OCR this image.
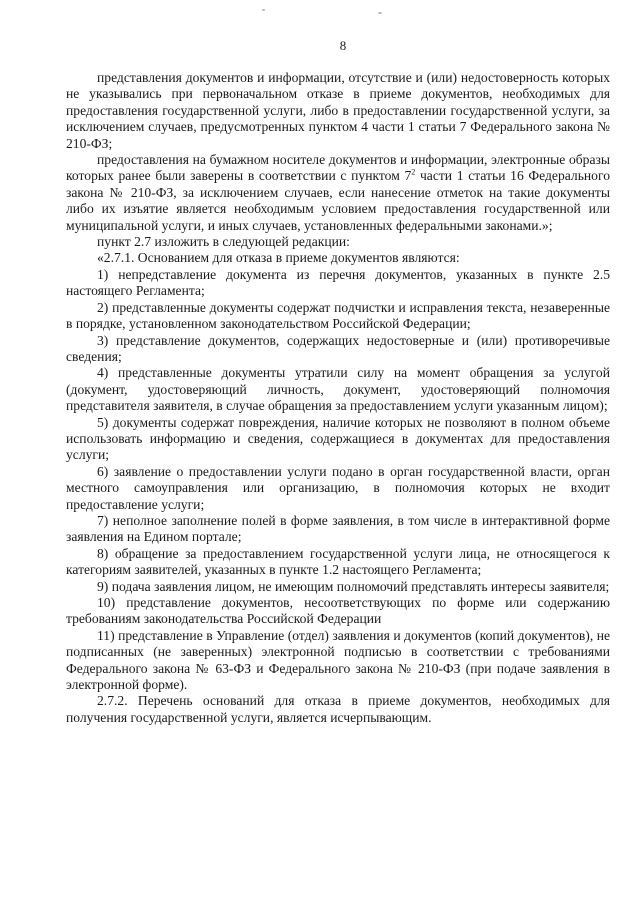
8

представления документов и информации, отсутствие и (или) недостоверность которых не указывались при первоначальном отказе в приеме документов, необходимых для предоставления государственной услуги, либо в предоставлении государственной услуги, за исключением случаев, предусмотренных пунктом 4 части 1 статьи 7 Федерального закона № 210-ФЗ;

предоставления на бумажном носителе документов и информации, электронные образы которых ранее были заверены в соответствии с пунктом $7^2$ части 1 статьи 16 Федерального закона № 210-ФЗ, за исключением случаев, если нанесение отметок на такие документы либо их изъятие является необходимым условием предоставления государственной или муниципальной услуги, и иных случаев, установленных федеральными законами.»;

пункт 2.7 изложить в следующей редакции:

«2.7.1. Основанием для отказа в приеме документов являются:

1) непредставление документа из перечня документов, указанных в пункте 2.5 настоящего Регламента;

2) представленные документы содержат подчистки и исправления текста, незаверенные в порядке, установленном законодательством Российской Федерации;

3) представление документов, содержащих недостоверные и (или) противоречивые сведения;

4) представленные документы утратили силу на момент обращения за услугой (документ, удостоверяющий личность, документ, удостоверяющий полномочия представителя заявителя, в случае обращения за предоставлением услуги указанным лицом);

5) документы содержат повреждения, наличие которых не позволяют в полном объеме использовать информацию и сведения, содержащиеся в документах для предоставления услуги;

6) заявление о предоставлении услуги подано в орган государственной власти, орган местного самоуправления или организацию, в полномочия которых не входит предоставление услуги;

7) неполное заполнение полей в форме заявления, в том числе в интерактивной форме заявления на Едином портале;

8) обращение за предоставлением государственной услуги лица, не относящегося к категориям заявителей, указанных в пункте 1.2 настоящего Регламента;

9) подача заявления лицом, не имеющим полномочий представлять интересы заявителя;

10) представление документов, несоответствующих по форме или содержанию требованиям законодательства Российской Федерации

11) представление в Управление (отдел) заявления и документов (копий документов), не подписанных (не заверенных) электронной подписью в соответствии с требованиями Федерального закона № 63-ФЗ и Федерального закона № 210-ФЗ (при подаче заявления в электронной форме).

2.7.2. Перечень оснований для отказа в приеме документов, необходимых для получения государственной услуги, является исчерпывающим.
